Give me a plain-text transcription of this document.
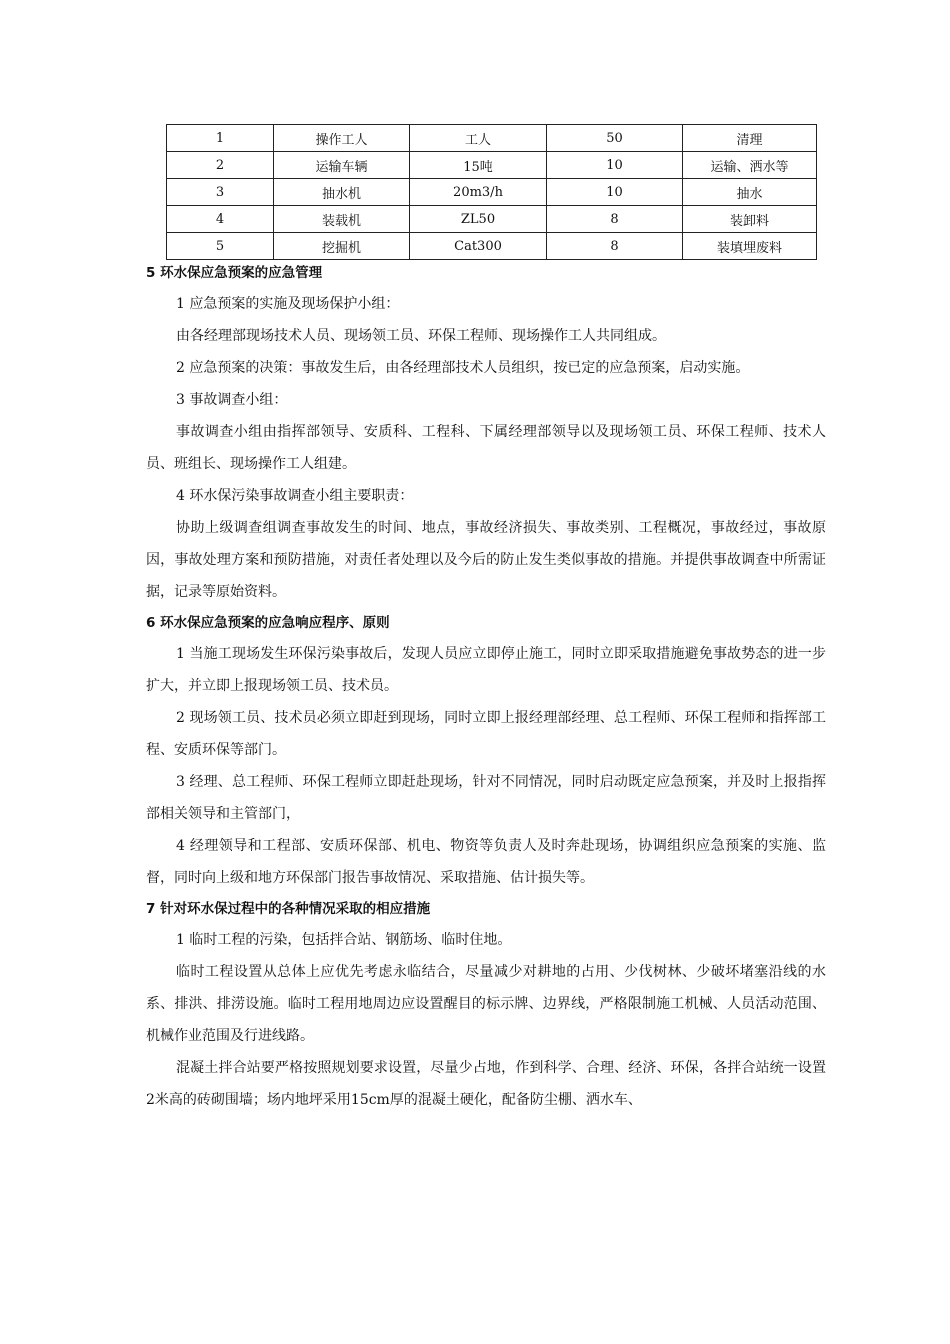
1	操作工人	工人	50	清理
2	运输车辆	15吨	10	运输、洒水等
3	抽水机	20m3/h	10	抽水
4	装载机	ZL50	8	装卸料
5	挖掘机	Cat300	8	装填埋废料
5 环水保应急预案的应急管理

1 应急预案的实施及现场保护小组：

由各经理部现场技术人员、现场领工员、环保工程师、现场操作工人共同组成。

2 应急预案的决策：事故发生后，由各经理部技术人员组织，按已定的应急预案，启动实施。

3 事故调查小组：

事故调查小组由指挥部领导、安质科、工程科、下属经理部领导以及现场领工员、环保工程师、技术人员、班组长、现场操作工人组建。

4 环水保污染事故调查小组主要职责：

协助上级调查组调查事故发生的时间、地点，事故经济损失、事故类别、工程概况，事故经过，事故原因，事故处理方案和预防措施，对责任者处理以及今后的防止发生类似事故的措施。并提供事故调查中所需证据，记录等原始资料。

6 环水保应急预案的应急响应程序、原则

1 当施工现场发生环保污染事故后，发现人员应立即停止施工，同时立即采取措施避免事故势态的进一步扩大，并立即上报现场领工员、技术员。

2 现场领工员、技术员必须立即赶到现场，同时立即上报经理部经理、总工程师、环保工程师和指挥部工程、安质环保等部门。

3 经理、总工程师、环保工程师立即赶赴现场，针对不同情况，同时启动既定应急预案，并及时上报指挥部相关领导和主管部门，

4 经理领导和工程部、安质环保部、机电、物资等负责人及时奔赴现场，协调组织应急预案的实施、监督，同时向上级和地方环保部门报告事故情况、采取措施、估计损失等。

7 针对环水保过程中的各种情况采取的相应措施

1 临时工程的污染，包括拌合站、钢筋场、临时住地。

临时工程设置从总体上应优先考虑永临结合，尽量减少对耕地的占用、少伐树林、少破坏堵塞沿线的水系、排洪、排涝设施。临时工程用地周边应设置醒目的标示牌、边界线，严格限制施工机械、人员活动范围、机械作业范围及行进线路。

混凝土拌合站要严格按照规划要求设置，尽量少占地，作到科学、合理、经济、环保，各拌合站统一设置2米高的砖砌围墙；场内地坪采用15cm厚的混凝土硬化，配备防尘棚、洒水车、
